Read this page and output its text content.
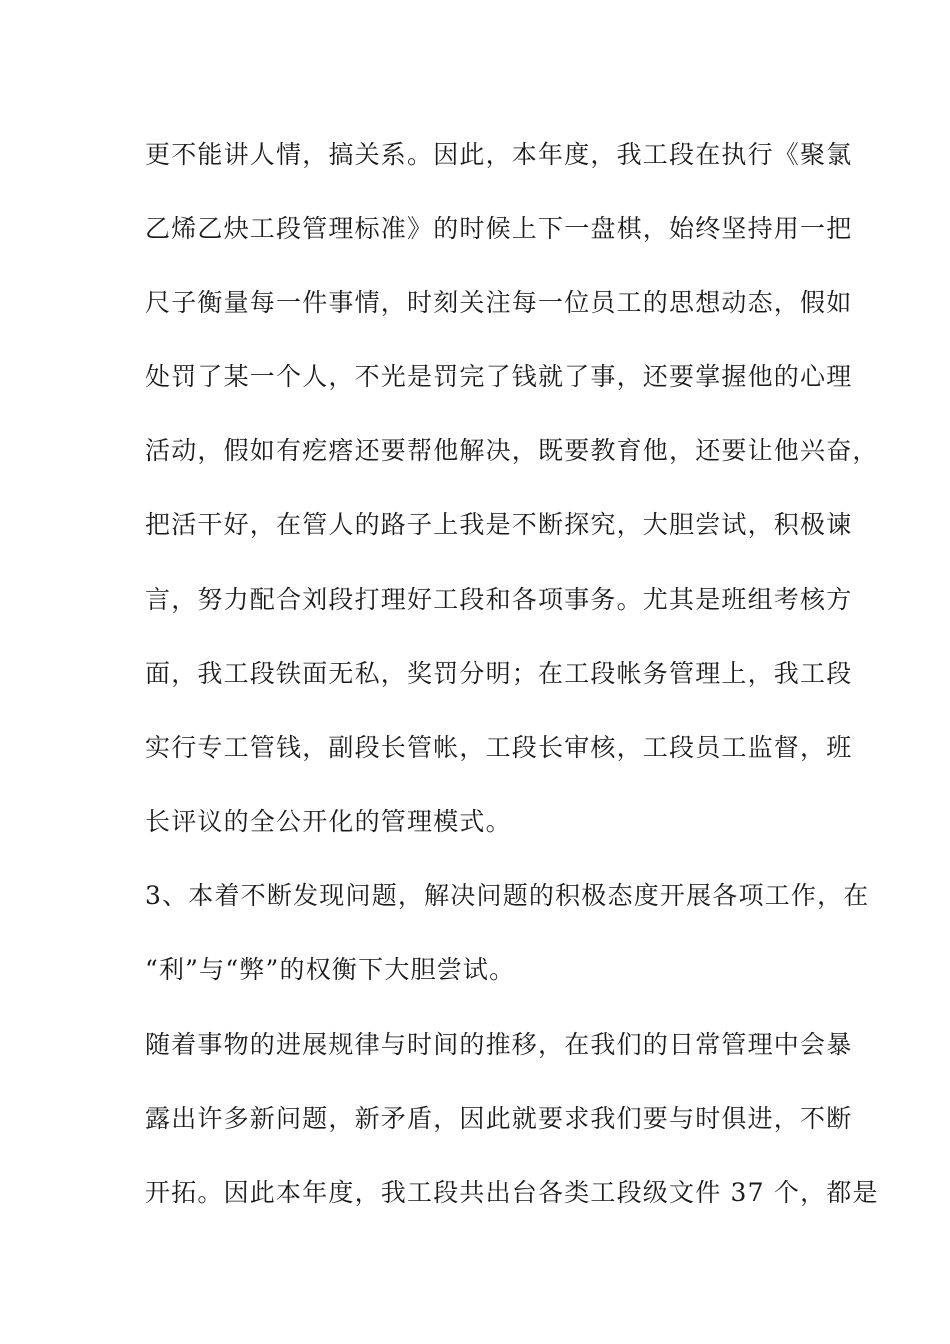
更不能讲人情，搞关系。因此，本年度，我工段在执行《聚氯
乙烯乙炔工段管理标准》的时候上下一盘棋，始终坚持用一把
尺子衡量每一件事情，时刻关注每一位员工的思想动态，假如
处罚了某一个人，不光是罚完了钱就了事，还要掌握他的心理
活动，假如有疙瘩还要帮他解决，既要教育他，还要让他兴奋，
把活干好，在管人的路子上我是不断探究，大胆尝试，积极谏
言，努力配合刘段打理好工段和各项事务。尤其是班组考核方
面，我工段铁面无私，奖罚分明；在工段帐务管理上，我工段
实行专工管钱，副段长管帐，工段长审核，工段员工监督，班
长评议的全公开化的管理模式。
3、本着不断发现问题，解决问题的积极态度开展各项工作，在
“利”与“弊”的权衡下大胆尝试。
随着事物的进展规律与时间的推移，在我们的日常管理中会暴
露出许多新问题，新矛盾，因此就要求我们要与时俱进，不断
开拓。因此本年度，我工段共出台各类工段级文件 37 个，都是
